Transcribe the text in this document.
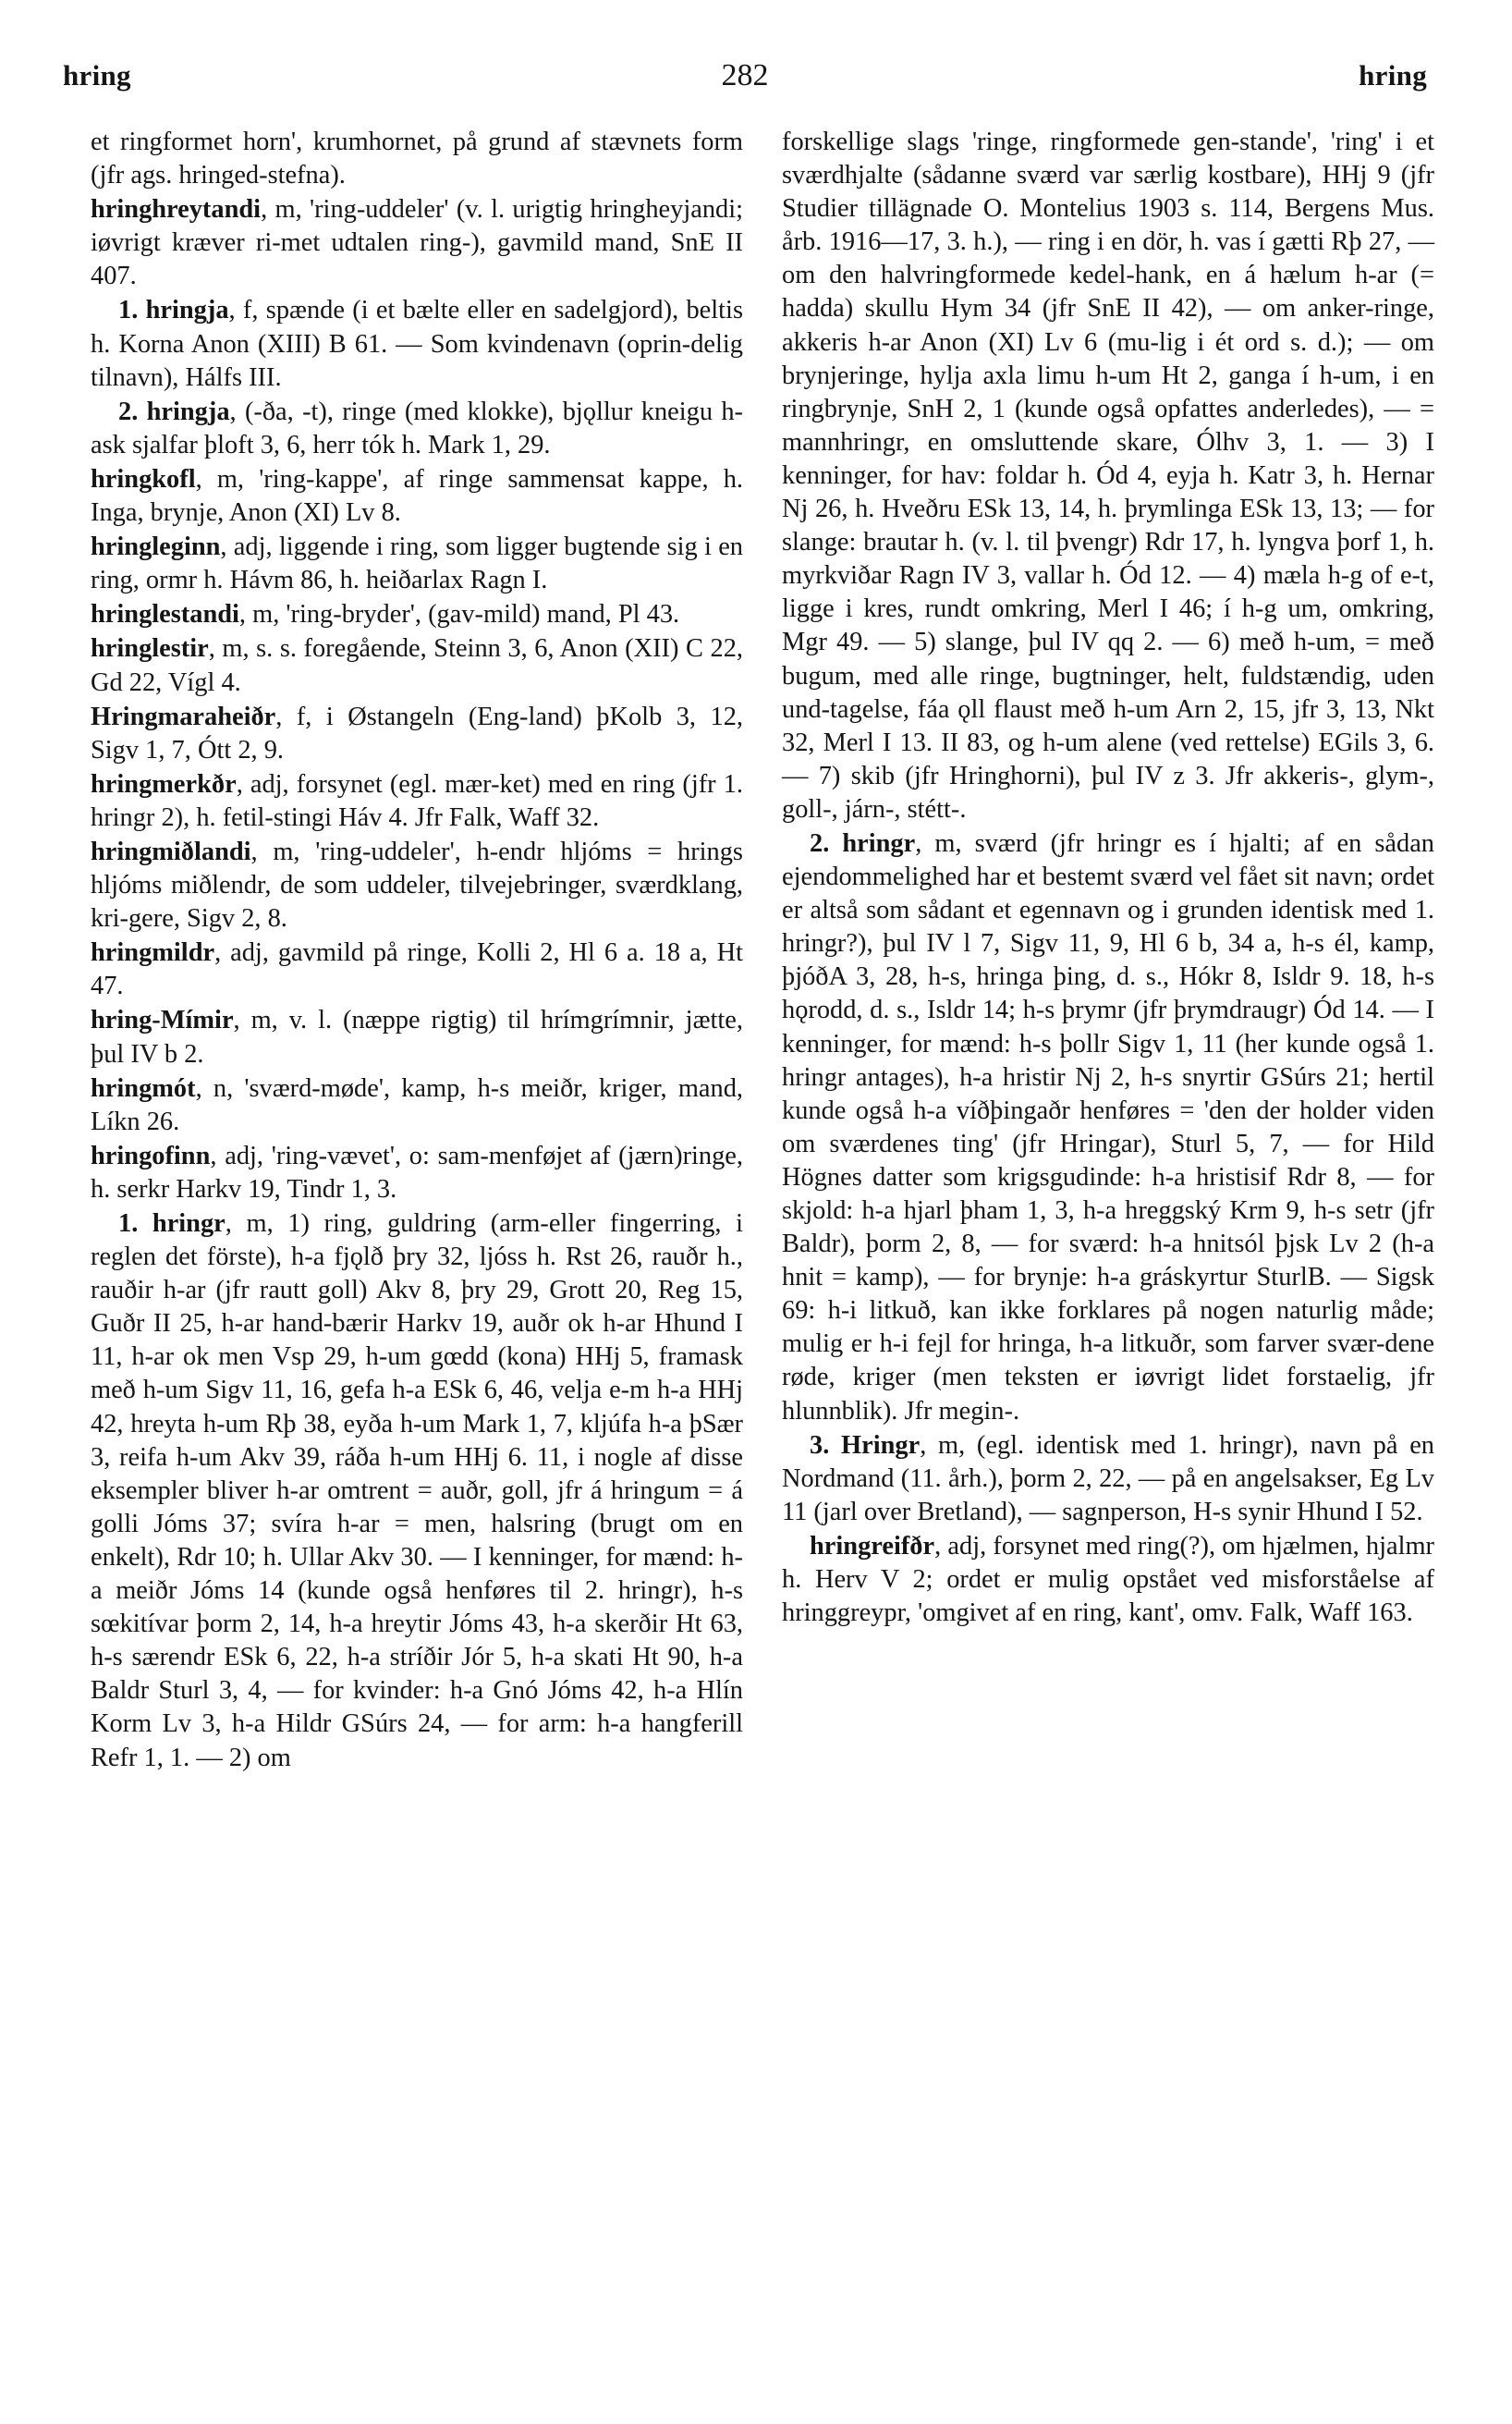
hring	282	hring

et ringformet horn', krumhornet, på grund af stævnets form (jfr ags. hringed-stefna).

hringhreytandi, m, 'ring-uddeler' (v. l. urigtig hringheyjandi; iøvrigt kræver ri-met udtalen ring-), gavmild mand, SnE II 407.

1. hringja, f, spænde (i et bælte eller en sadelgjord), beltis h. Korna Anon (XIII) B 61. — Som kvindenavn (oprin-delig tilnavn), Hálfs III.

2. hringja, (-ða, -t), ringe (med klokke), bjǫllur kneigu h-ask sjalfar þloft 3, 6, herr tók h. Mark 1, 29.

hringkofl, m, 'ring-kappe', af ringe sammensat kappe, h. Inga, brynje, Anon (XI) Lv 8.

hringleginn, adj, liggende i ring, som ligger bugtende sig i en ring, ormr h. Hávm 86, h. heiðarlax Ragn I.

hringlestandi, m, 'ring-bryder', (gav-mild) mand, Pl 43.

hringlestir, m, s. s. foregående, Steinn 3, 6, Anon (XII) C 22, Gd 22, Vígl 4.

Hringmaraheiðr, f, i Østangeln (Eng-land) þKolb 3, 12, Sigv 1, 7, Ótt 2, 9.

hringmerkðr, adj, forsynet (egl. mær-ket) med en ring (jfr 1. hringr 2), h. fetil-stingi Háv 4. Jfr Falk, Waff 32.

hringmiðlandi, m, 'ring-uddeler', h-endr hljóms = hrings hljóms miðlendr, de som uddeler, tilvejebringer, sværdklang, kri-gere, Sigv 2, 8.

hringmildr, adj, gavmild på ringe, Kolli 2, Hl 6 a. 18 a, Ht 47.

hring-Mímir, m, v. l. (næppe rigtig) til hrímgrímnir, jætte, þul IV b 2.

hringmót, n, 'sværd-møde', kamp, h-s meiðr, kriger, mand, Líkn 26.

hringofinn, adj, 'ring-vævet', o: sam-menføjet af (jærn)ringe, h. serkr Harkv 19, Tindr 1, 3.

1. hringr, m, 1) ring, guldring (arm-eller fingerring, i reglen det förste), h-a fjǫlð þry 32, ljóss h. Rst 26, rauðr h., rauðir h-ar (jfr rautt goll) Akv 8, þry 29, Grott 20, Reg 15, Guðr II 25, h-ar hand-bærir Harkv 19, auðr ok h-ar Hhund I 11, h-ar ok men Vsp 29, h-um gœdd (kona) HHj 5, framask með h-um Sigv 11, 16, gefa h-a ESk 6, 46, velja e-m h-a HHj 42, hreyta h-um Rþ 38, eyða h-um Mark 1, 7, kljúfa h-a þSær 3, reifa h-um Akv 39, ráða h-um HHj 6. 11, i nogle af disse eksempler bliver h-ar omtrent = auðr, goll, jfr á hringum = á golli Jóms 37; svíra h-ar = men, halsring (brugt om en enkelt), Rdr 10; h. Ullar Akv 30. — I kenninger, for mænd: h-a meiðr Jóms 14 (kunde også henføres til 2. hringr), h-s sœkitívar þorm 2, 14, h-a hreytir Jóms 43, h-a skerðir Ht 63, h-s særendr ESk 6, 22, h-a stríðir Jór 5, h-a skati Ht 90, h-a Baldr Sturl 3, 4, — for kvinder: h-a Gnó Jóms 42, h-a Hlín Korm Lv 3, h-a Hildr GSúrs 24, — for arm: h-a hangferill Refr 1, 1. — 2) om

forskellige slags 'ringe, ringformede gen-stande', 'ring' i et sværdhjalte (sådanne sværd var særlig kostbare), HHj 9 (jfr Studier tillägnade O. Montelius 1903 s. 114, Bergens Mus. årb. 1916—17, 3. h.), — ring i en dör, h. vas í gætti Rþ 27, — om den halvringformede kedel-hank, en á hælum h-ar (= hadda) skullu Hym 34 (jfr SnE II 42), — om anker-ringe, akkeris h-ar Anon (XI) Lv 6 (mu-lig i ét ord s. d.); — om brynjeringe, hylja axla limu h-um Ht 2, ganga í h-um, i en ringbrynje, SnH 2, 1 (kunde også opfattes anderledes), — = mannhringr, en omsluttende skare, Ólhv 3, 1. — 3) I kenninger, for hav: foldar h. Ód 4, eyja h. Katr 3, h. Hernar Nj 26, h. Hveðru ESk 13, 14, h. þrymlinga ESk 13, 13; — for slange: brautar h. (v. l. til þvengr) Rdr 17, h. lyngva þorf 1, h. myrkviðar Ragn IV 3, vallar h. Ód 12. — 4) mæla h-g of e-t, ligge i kres, rundt omkring, Merl I 46; í h-g um, omkring, Mgr 49. — 5) slange, þul IV qq 2. — 6) með h-um, = með bugum, med alle ringe, bugtninger, helt, fuldstændig, uden und-tagelse, fáa ǫll flaust með h-um Arn 2, 15, jfr 3, 13, Nkt 32, Merl I 13. II 83, og h-um alene (ved rettelse) EGils 3, 6. — 7) skib (jfr Hringhorni), þul IV z 3. Jfr akkeris-, glym-, goll-, járn-, stétt-.

2. hringr, m, sværd (jfr hringr es í hjalti; af en sådan ejendommelighed har et bestemt sværd vel fået sit navn; ordet er altså som sådant et egennavn og i grunden identisk med 1. hringr?), þul IV l 7, Sigv 11, 9, Hl 6 b, 34 a, h-s él, kamp, þjóðA 3, 28, h-s, hringa þing, d. s., Hókr 8, Isldr 9. 18, h-s hǫrodd, d. s., Isldr 14; h-s þrymr (jfr þrymdraugr) Ód 14. — I kenninger, for mænd: h-s þollr Sigv 1, 11 (her kunde også 1. hringr antages), h-a hristir Nj 2, h-s snyrtir GSúrs 21; hertil kunde også h-a víðþingaðr henføres = 'den der holder viden om sværdenes ting' (jfr Hringar), Sturl 5, 7, — for Hild Högnes datter som krigsgudinde: h-a hristisif Rdr 8, — for skjold: h-a hjarl þham 1, 3, h-a hreggský Krm 9, h-s setr (jfr Baldr), þorm 2, 8, — for sværd: h-a hnitsól þjsk Lv 2 (h-a hnit = kamp), — for brynje: h-a gráskyrtur SturlB. — Sigsk 69: h-i litkuð, kan ikke forklares på nogen naturlig måde; mulig er h-i fejl for hringa, h-a litkuðr, som farver svær-dene røde, kriger (men teksten er iøvrigt lidet forstaelig, jfr hlunnblik). Jfr megin-.

3. Hringr, m, (egl. identisk med 1. hringr), navn på en Nordmand (11. årh.), þorm 2, 22, — på en angelsakser, Eg Lv 11 (jarl over Bretland), — sagnperson, H-s synir Hhund I 52.

hringreifðr, adj, forsynet med ring(?), om hjælmen, hjalmr h. Herv V 2; ordet er mulig opstået ved misforståelse af hringgreypr, 'omgivet af en ring, kant', omv. Falk, Waff 163.
